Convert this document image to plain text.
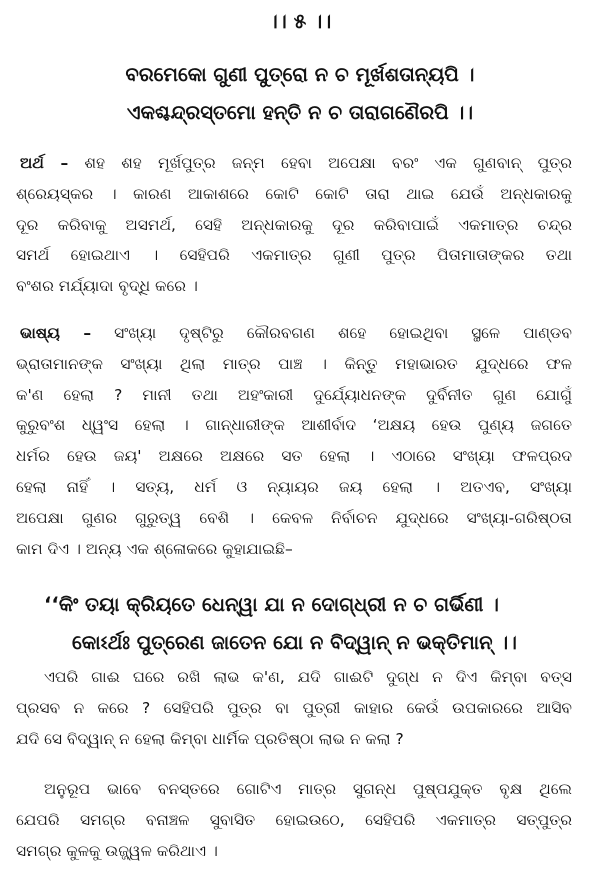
।। ୫ ।।
ବରମେକୋ ଗୁଣୀ ପୁତ୍ରୋ ନ ଚ ମୂର୍ଖଶତାନ୍ୟପି ।
ଏକଶ୍ଚନ୍ଦ୍ରସ୍ତମୋ ହନ୍ତି ନ ଚ ତାରାଗଣୈରପି ।।
ଅର୍ଥ – ଶହ ଶହ ମୂର୍ଖପୁତ୍ର ଜନ୍ମ ହେବା ଅପେକ୍ଷା ବରଂ ଏକ ଗୁଣବାନ୍ ପୁତ୍ର
ଶ୍ରେୟସ୍କର । କାରଣ ଆକାଶରେ କୋଟି କୋଟି ତାରା ଥାଇ ଯେଉଁ ଅନ୍ଧକାରକୁ
ଦୂର କରିବାକୁ ଅସମର୍ଥ, ସେହି ଅନ୍ଧକାରକୁ ଦୂର କରିବାପାଇଁ ଏକମାତ୍ର ଚନ୍ଦ୍ର
ସମର୍ଥ ହୋଇଥାଏ । ସେହିପରି ଏକମାତ୍ର ଗୁଣୀ ପୁତ୍ର ପିତାମାତାଙ୍କର ତଥା
ବଂଶର ମର୍ଯ୍ୟାଦା ବୃଦ୍ଧି କରେ ।
ଭାଷ୍ୟ – ସଂଖ୍ୟା ଦୃଷ୍ଟିରୁ କୌରବଗଣ ଶହେ ହୋଇଥିବା ସ୍ଥଳେ ପାଣ୍ଡବ
ଭ୍ରାତାମାନଙ୍କ ସଂଖ୍ୟା ଥିଲା ମାତ୍ର ପାଞ୍ଚ । କିନ୍ତୁ ମହାଭାରତ ଯୁଦ୍ଧରେ ଫଳ
କ'ଣ ହେଲା ? ମାନୀ ତଥା ଅହଂକାରୀ ଦୁର୍ଯ୍ୟୋଧନଙ୍କ ଦୁର୍ବିନୀତ ଗୁଣ ଯୋଗୁଁ
କୁରୁବଂଶ ଧ୍ୱଂସ ହେଲା । ଗାନ୍ଧାରୀଙ୍କ ଆଶୀର୍ବାଦ ‘ଅକ୍ଷୟ ହେଉ ପୁଣ୍ୟ ଜଗତେ
ଧର୍ମର ହେଉ ଜୟ' ଅକ୍ଷରେ ଅକ୍ଷରେ ସତ ହେଲା । ଏଠାରେ ସଂଖ୍ୟା ଫଳପ୍ରଦ
ହେଲା ନାହିଁ । ସତ୍ୟ, ଧର୍ମ ଓ ନ୍ୟାୟର ଜୟ ହେଲା । ଅତଏବ, ସଂଖ୍ୟା
ଅପେକ୍ଷା ଗୁଣର ଗୁରୁତ୍ୱ ବେଶି । କେବଳ ନିର୍ବାଚନ ଯୁଦ୍ଧରେ ସଂଖ୍ୟା-ଗରିଷ୍ଠତା
କାମ ଦିଏ । ଅନ୍ୟ ଏକ ଶ୍ଳୋକରେ କୁହାଯାଇଛି–
‘‘କିଂ ତୟା କ୍ରିୟତେ ଧେନ୍ୱା ଯା ନ ଦୋଗ୍‌ଧ୍ରୀ ନ ଚ ଗର୍ଭିଣୀ ।
କୋଽର୍ଥଃ ପୁତ୍ରେଣ ଜାତେନ ଯୋ ନ ବିଦ୍ୱାନ୍ ନ ଭକ୍ତିମାନ୍ ।।
ଏପରି ଗାଈ ଘରେ ରଖି ଲାଭ କ'ଣ, ଯଦି ଗାଈଟି ଦୁଗ୍ଧ ନ ଦିଏ କିମ୍ବା ବତ୍ସ
ପ୍ରସବ ନ କରେ ? ସେହିପରି ପୁତ୍ର ବା ପୁତ୍ରୀ କାହାର କେଉଁ ଉପକାରରେ ଆସିବ
ଯଦି ସେ ବିଦ୍ୱାନ୍ ନ ହେଲା କିମ୍ବା ଧାର୍ମିକ ପ୍ରତିଷ୍ଠା ଲାଭ ନ କଲା ?
ଅନୁରୂପ ଭାବେ ବନସ୍ତରେ ଗୋଟିଏ ମାତ୍ର ସୁଗନ୍ଧ ପୁଷ୍ପଯୁକ୍ତ ବୃକ୍ଷ ଥିଲେ
ଯେପରି ସମଗ୍ର ବନାଞ୍ଚଳ ସୁବାସିତ ହୋଇଉଠେ, ସେହିପରି ଏକମାତ୍ର ସତ୍‌ପୁତ୍ର
ସମଗ୍ର କୁଳକୁ ଉଜ୍ଜ୍ୱଳ କରିଥାଏ ।
